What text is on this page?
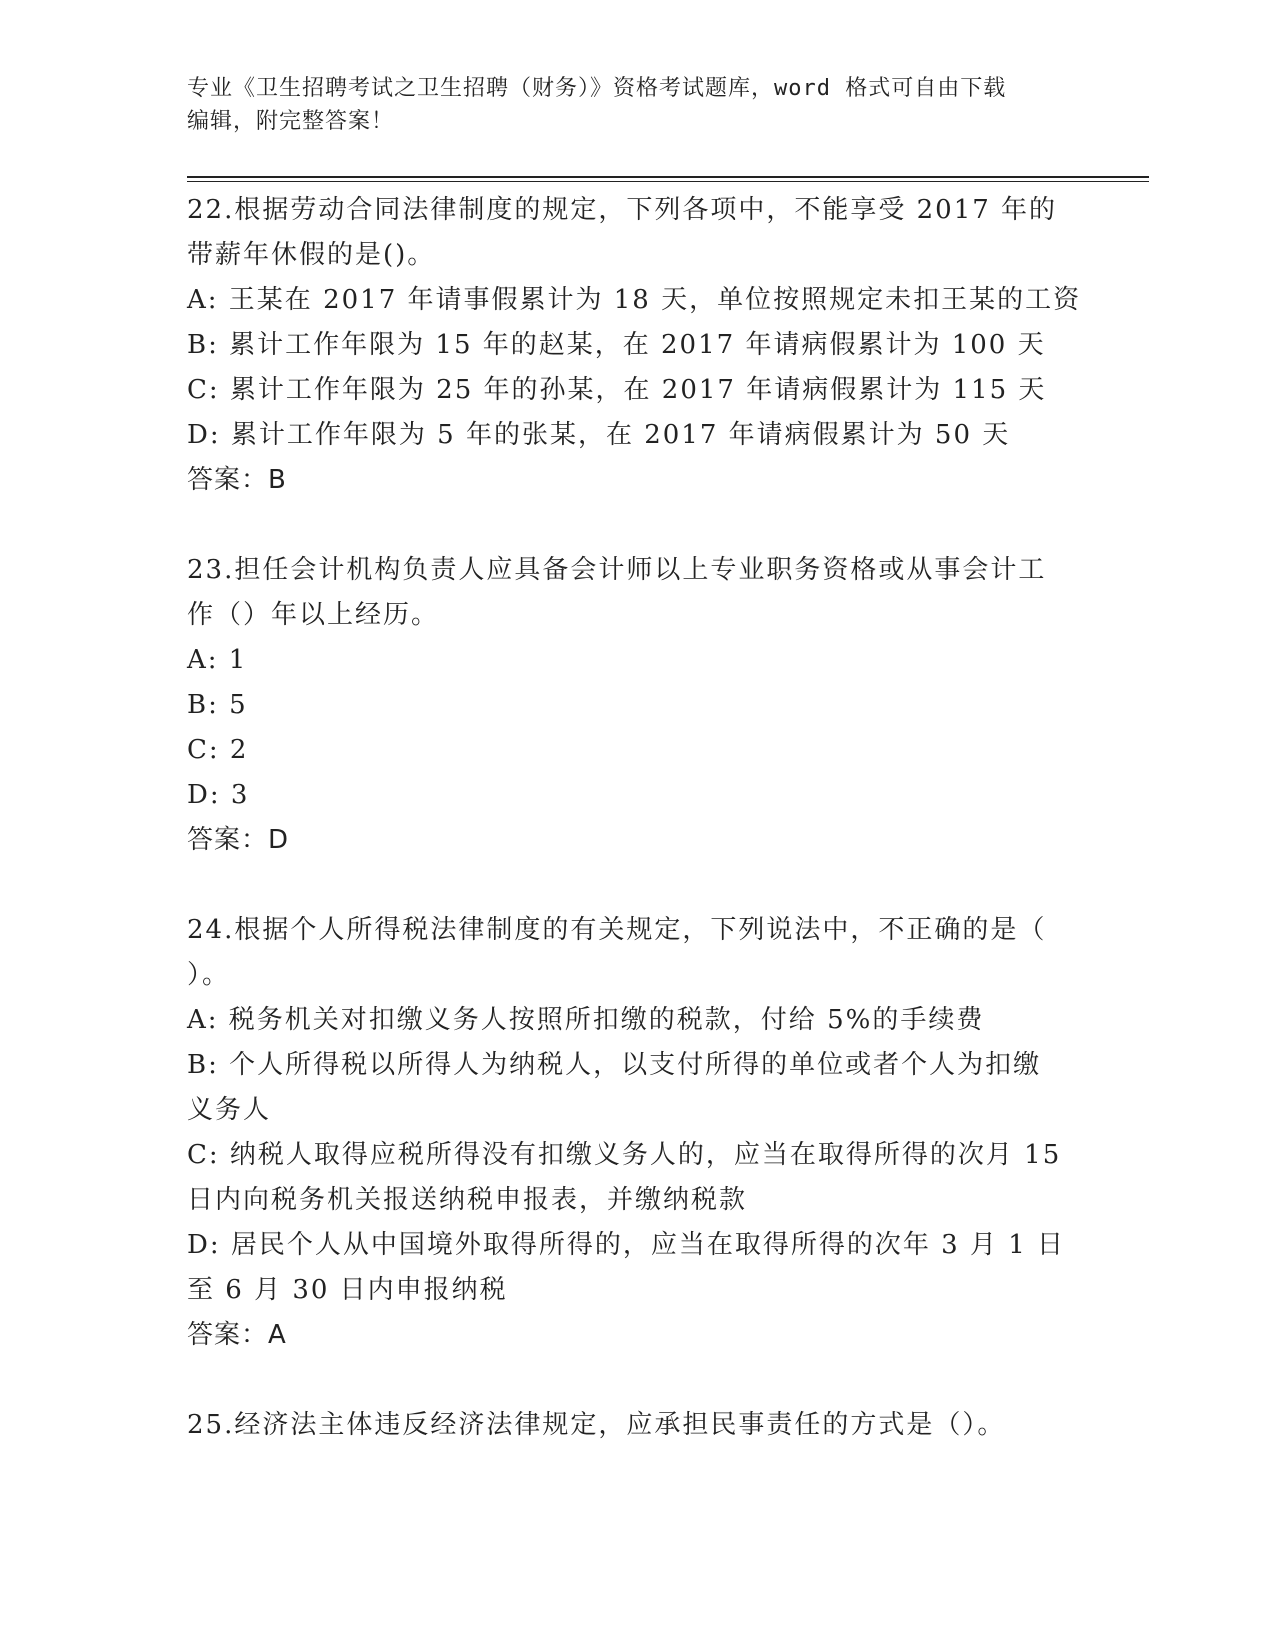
专业《卫生招聘考试之卫生招聘（财务）》资格考试题库，word 格式可自由下载
编辑，附完整答案！
22.根据劳动合同法律制度的规定，下列各项中，不能享受 2017 年的
带薪年休假的是()。
A: 王某在 2017 年请事假累计为 18 天，单位按照规定未扣王某的工资
B: 累计工作年限为 15 年的赵某，在 2017 年请病假累计为 100 天
C: 累计工作年限为 25 年的孙某，在 2017 年请病假累计为 115 天
D: 累计工作年限为 5 年的张某，在 2017 年请病假累计为 50 天
答案：B
23.担任会计机构负责人应具备会计师以上专业职务资格或从事会计工
作（）年以上经历。
A: 1
B: 5
C: 2
D: 3
答案：D
24.根据个人所得税法律制度的有关规定，下列说法中，不正确的是（
）。
A: 税务机关对扣缴义务人按照所扣缴的税款，付给 5%的手续费
B: 个人所得税以所得人为纳税人，以支付所得的单位或者个人为扣缴
义务人
C: 纳税人取得应税所得没有扣缴义务人的，应当在取得所得的次月 15
日内向税务机关报送纳税申报表，并缴纳税款
D: 居民个人从中国境外取得所得的，应当在取得所得的次年 3 月 1 日
至 6 月 30 日内申报纳税
答案：A
25.经济法主体违反经济法律规定，应承担民事责任的方式是（）。
